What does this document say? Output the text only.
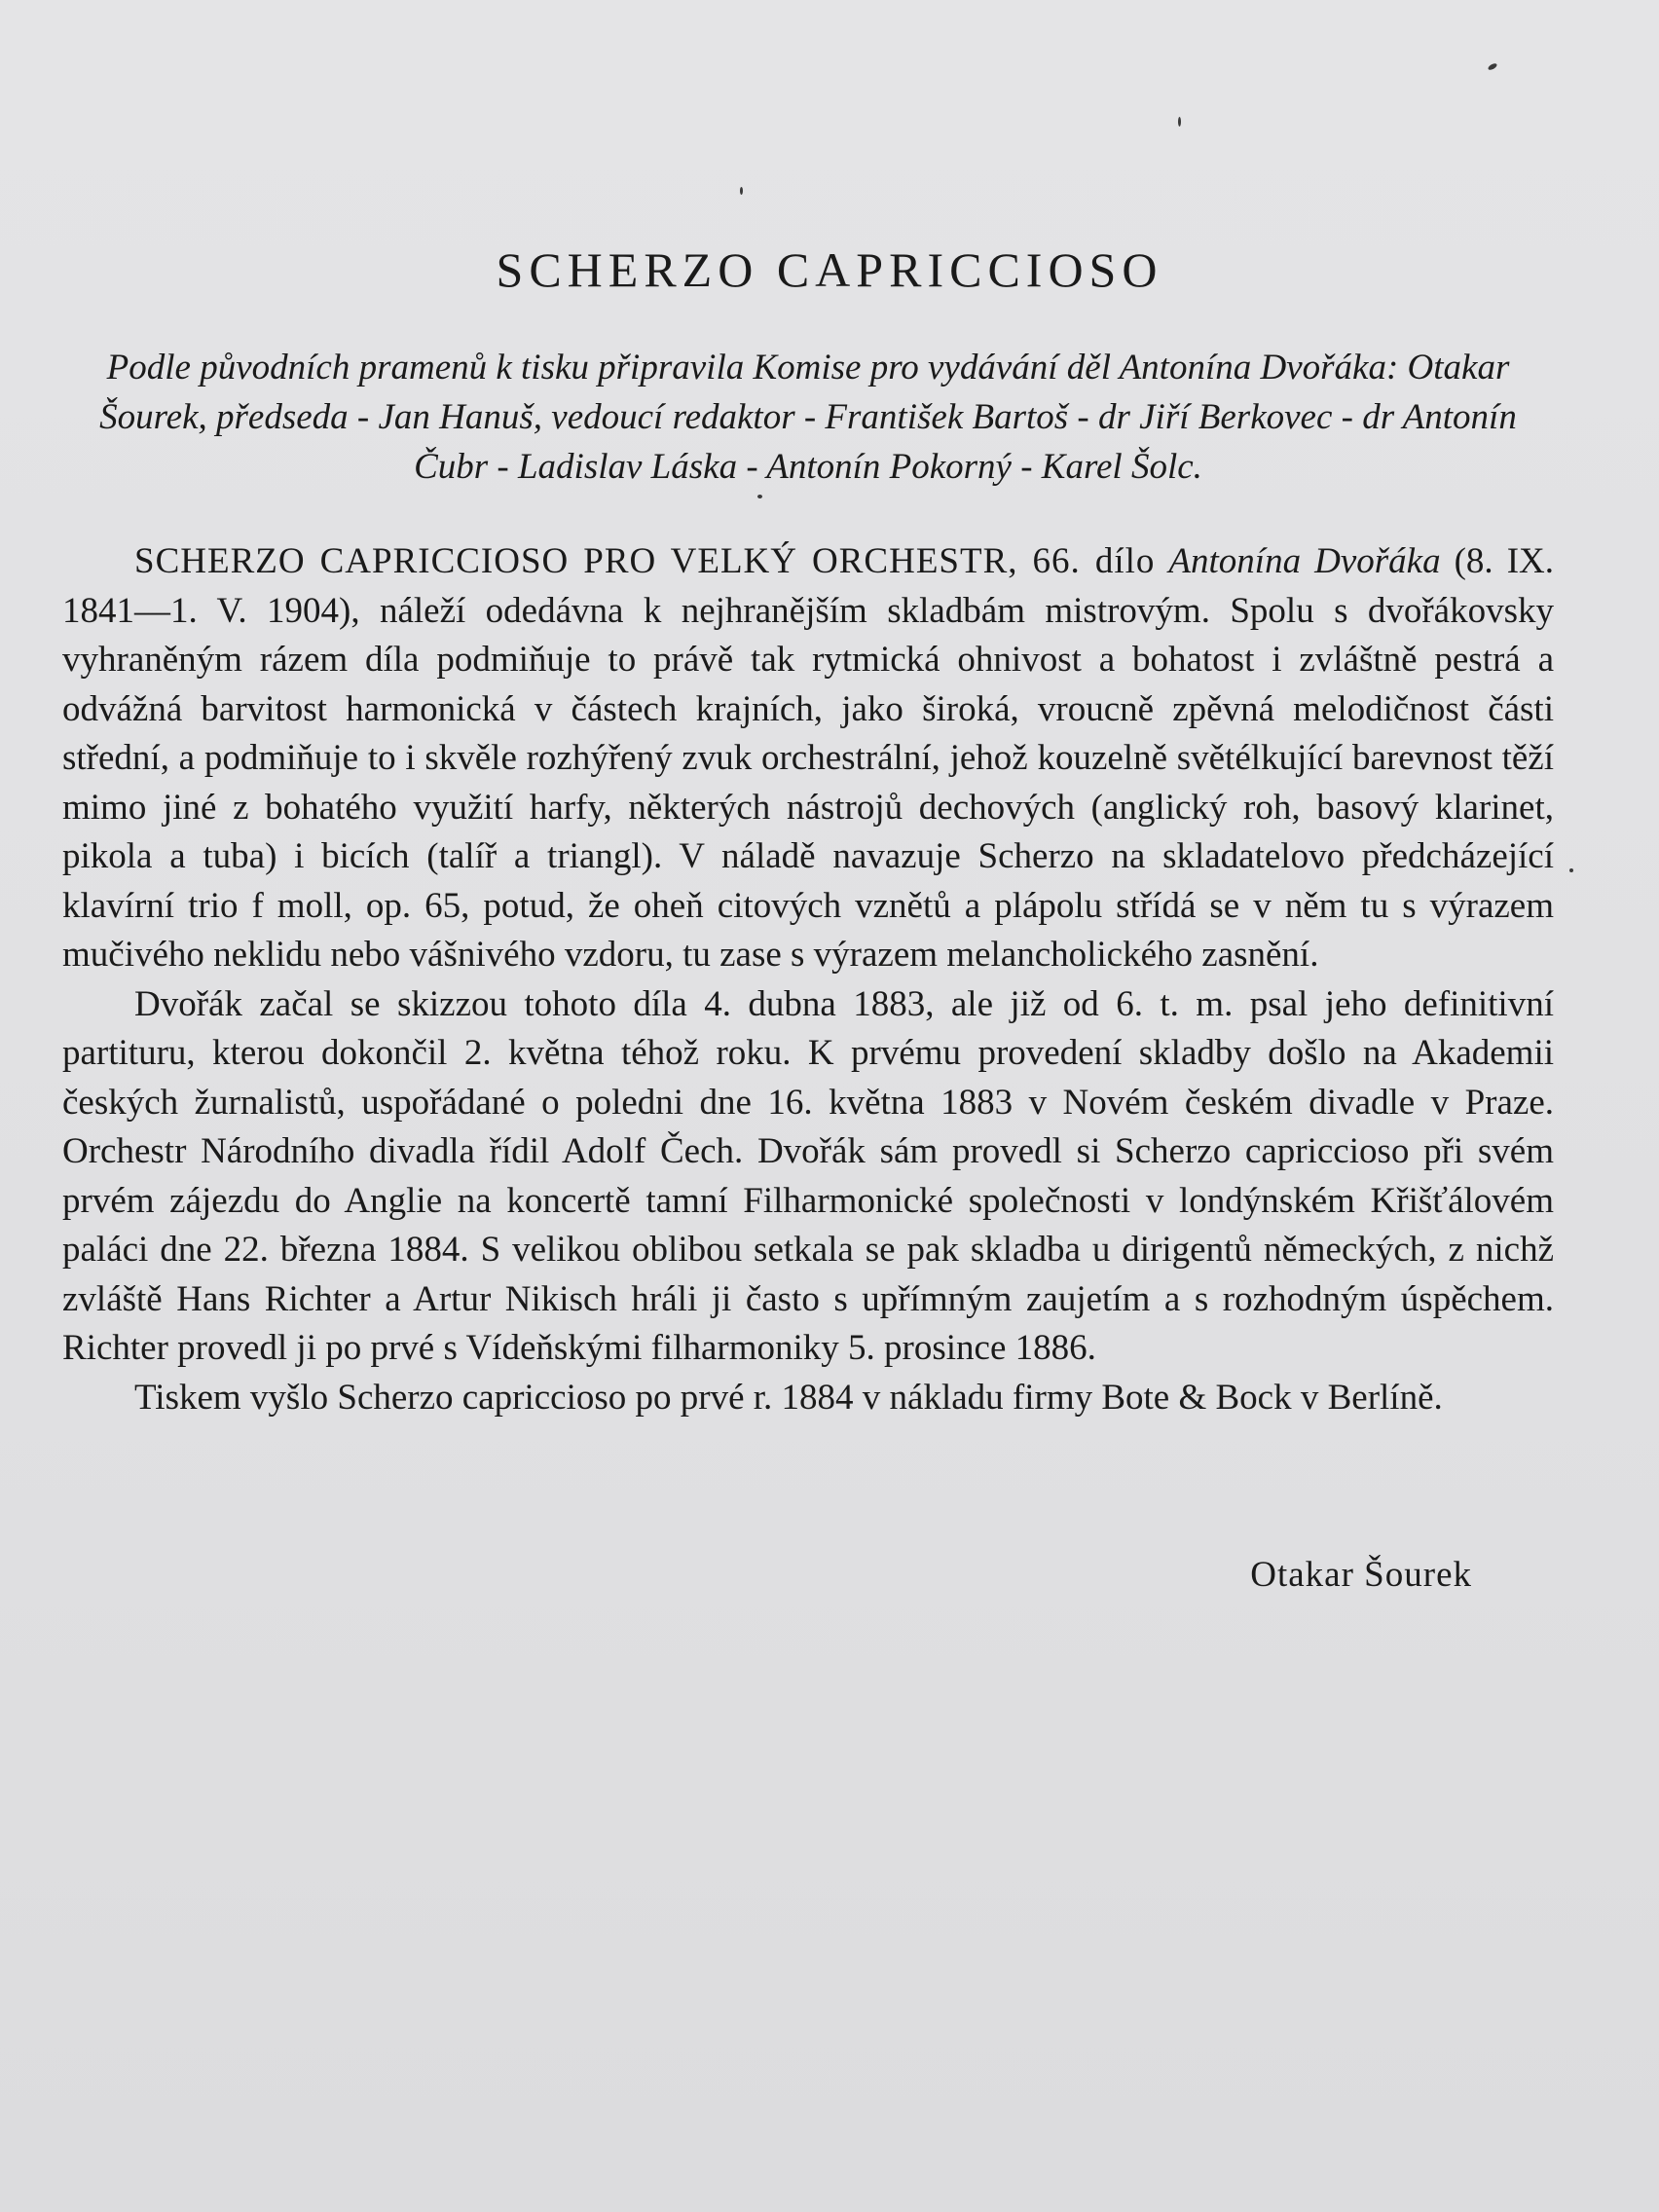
SCHERZO CAPRICCIOSO
Podle původních pramenů k tisku připravila Komise pro vydávání děl Antonína Dvořáka: Otakar Šourek, předseda - Jan Hanuš, vedoucí redaktor - František Bartoš - dr Jiří Berkovec - dr Antonín Čubr - Ladislav Láska - Antonín Pokorný - Karel Šolc.

SCHERZO CAPRICCIOSO PRO VELKÝ ORCHESTR, 66. dílo Antonína Dvořáka (8. IX. 1841—1. V. 1904), náleží odedávna k nejhranějším skladbám mistrovým. Spolu s dvořákovsky vyhraněným rázem díla podmiňuje to právě tak rytmická ohnivost a bohatost i zvláštně pestrá a odvážná barvitost harmonická v částech krajních, jako široká, vroucně zpěvná melodičnost části střední, a podmiňuje to i skvěle rozhýřený zvuk orchestrální, jehož kouzelně světélkující barevnost těží mimo jiné z bohatého využití harfy, některých nástrojů dechových (anglický roh, basový klarinet, pikola a tuba) i bicích (talíř a triangl). V náladě navazuje Scherzo na skladatelovo předcházející klavírní trio f moll, op. 65, potud, že oheň citových vznětů a plápolu střídá se v něm tu s výrazem mučivého neklidu nebo vášnivého vzdoru, tu zase s výrazem melancholického zasnění.

Dvořák začal se skizzou tohoto díla 4. dubna 1883, ale již od 6. t. m. psal jeho definitivní partituru, kterou dokončil 2. května téhož roku. K prvému provedení skladby došlo na Akademii českých žurnalistů, uspořádané o poledni dne 16. května 1883 v Novém českém divadle v Praze. Orchestr Národního divadla řídil Adolf Čech. Dvořák sám provedl si Scherzo capriccioso při svém prvém zájezdu do Anglie na koncertě tamní Filharmonické společnosti v londýnském Křišťálovém paláci dne 22. března 1884. S velikou oblibou setkala se pak skladba u dirigentů německých, z nichž zvláště Hans Richter a Artur Nikisch hráli ji často s upřímným zaujetím a s rozhodným úspěchem. Richter provedl ji po prvé s Vídeňskými filharmoniky 5. prosince 1886.

Tiskem vyšlo Scherzo capriccioso po prvé r. 1884 v nákladu firmy Bote & Bock v Berlíně.

Otakar Šourek
